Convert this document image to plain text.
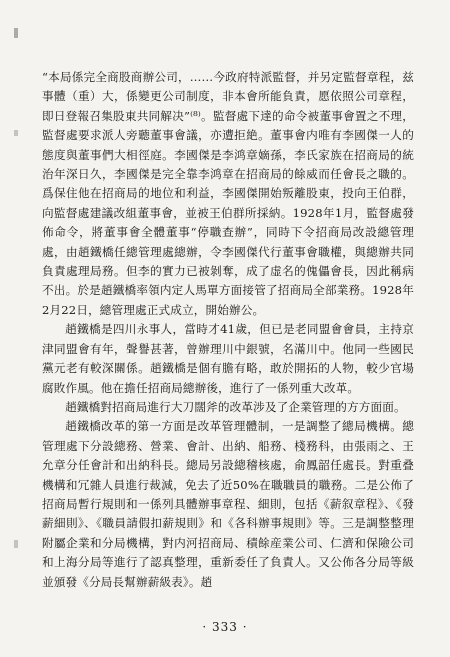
“本局係完全商股商辦公司，……今政府特派監督，并另定監督章程，兹事體（重）大，係變更公司制度，非本會所能負責，愿依照公司章程，即日登報召集股東共同解决”⁽⁸⁾。監督處下達的命令被董事會置之不理，監督處要求派人旁聽董事會議，亦遭拒絶。董事會内唯有李國傑一人的態度與董事們大相徑庭。李國傑是李鸿章嫡孫，李氏家族在招商局的統治年深日久，李國傑是完全靠李鸿章在招商局的餘威而任會長之職的。爲保住他在招商局的地位和利益，李國傑開始叛離股東，投向王伯群，向監督處建議改組董事會，並被王伯群所採納。1928年1月，監督處發佈命令，將董事會全體董事“停職查辦”，同時下令招商局改設總管理處，由趙鐵橋任總管理處總辦，令李國傑代行董事會職權，與總辦共同負責處理局務。但李的實力已被剝奪，成了虚名的傀儡會長，因此稱病不出。於是趙鐵橋率領内定人馬單方面接管了招商局全部業務。1928年2月22日，總管理處正式成立，開始辦公。

趙鐵橋是四川永事人，當時才41歲，但已是老同盟會會員，主持京津同盟會有年，聲譽甚著，曾辦理川中銀號，名滿川中。他同一些國民黨元老有較深關係。趙鐵橋是個有膽有略，敢於開拓的人物，較少官場腐敗作風。他在擔任招商局總辦後，進行了一係列重大改革。

趙鐵橋對招商局進行大刀闊斧的改革涉及了企業管理的方方面面。

趙鐵橋改革的第一方面是改革管理體制，一是調整了總局機構。總管理處下分設總務、營業、會計、出納、船務、棧務科，由張雨之、王允章分任會計和出納科長。總局另設總稽核處，俞鳳韶任處長。對重叠機構和冗雜人員進行裁減，免去了近50%在職職員的職務。二是公佈了招商局暫行規則和一係列具體辦事章程、細則，包括《薪叙章程》、《發薪細則》、《職員請假扣薪規則》和《各科辦事規則》等。三是調整整理附屬企業和分局機構，對内河招商局、積餘産業公司、仁濟和保險公司和上海分局等進行了認真整理，重新委任了負責人。又公佈各分局等級並頒發《分局長幫辦薪級表》。趙

· 333 ·
